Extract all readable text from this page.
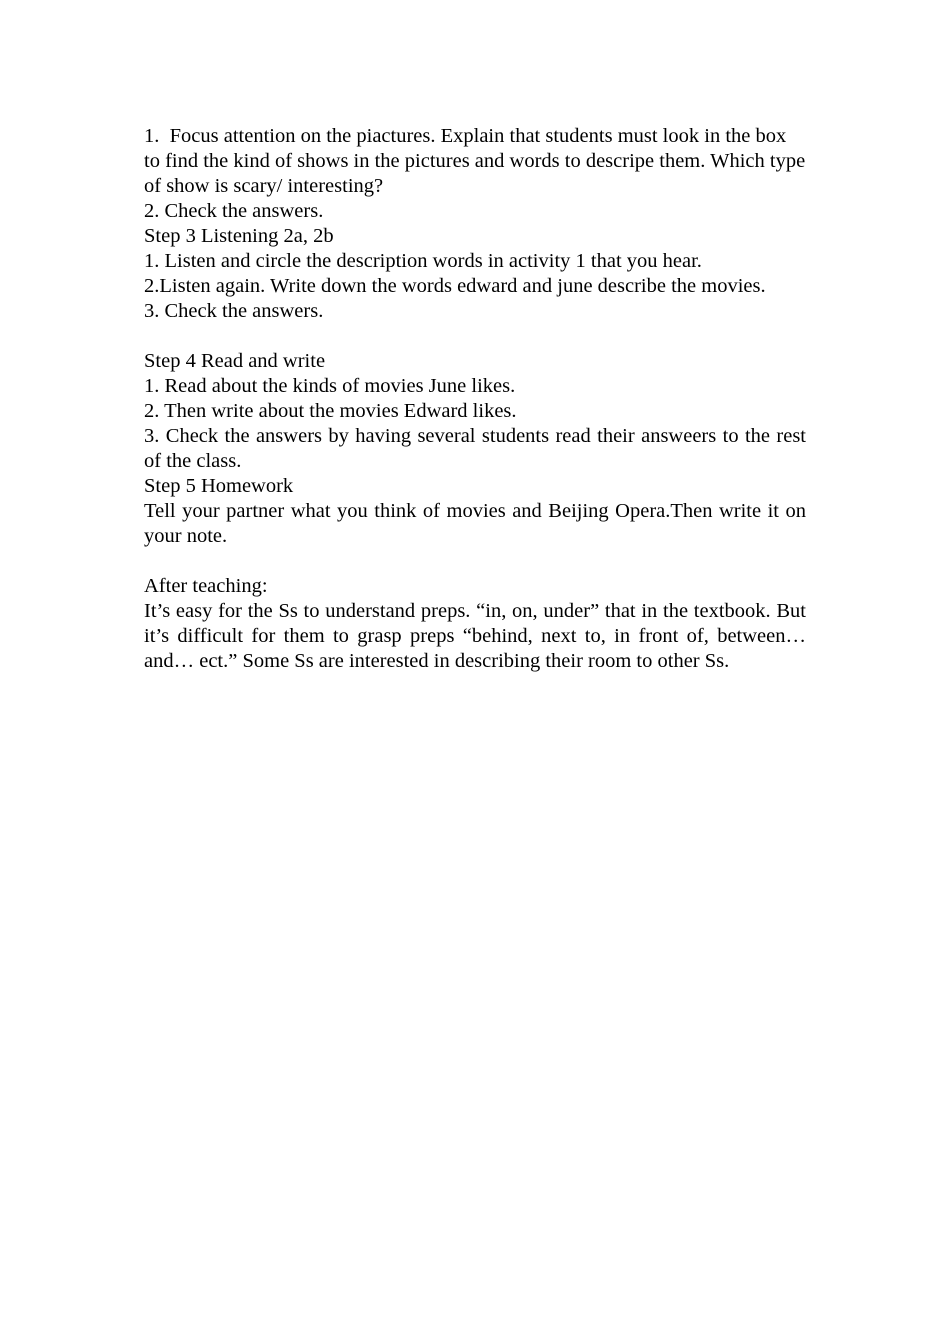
1.  Focus attention on the piactures. Explain that students must look in the box to find the kind of shows in the pictures and words to descripe them. Which type of show is scary/ interesting?

2. Check the answers.

Step 3 Listening 2a, 2b

1. Listen and circle the description words in activity 1 that you hear.

2.Listen again. Write down the words edward and june describe the movies.

3. Check the answers.

Step 4 Read and write

1. Read about the kinds of movies June likes.

2. Then write about the movies Edward likes.

3. Check the answers by having several students read their answeers to the rest of the class.

Step 5 Homework

Tell your partner what you think of movies and Beijing Opera.Then write it on your note.

After teaching:

It’s easy for the Ss to understand preps. “in, on, under” that in the textbook. But it’s difficult for them to grasp preps “behind, next to, in front of, between…and… ect.” Some Ss are interested in describing their room to other Ss.
